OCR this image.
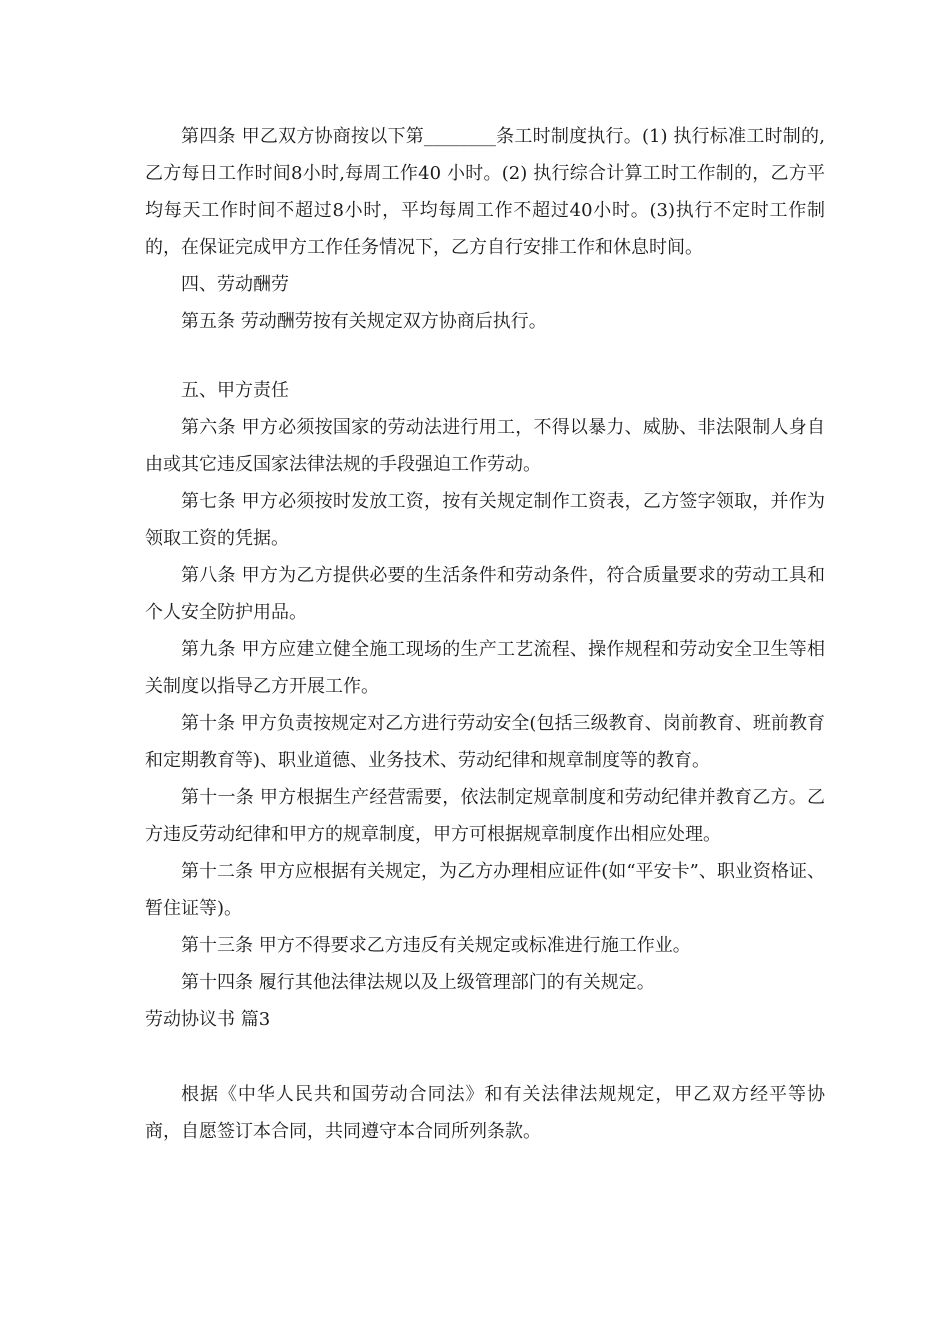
第四条 甲乙双方协商按以下第________条工时制度执行。(1) 执行标准工时制的,乙方每日工作时间8小时,每周工作40 小时。(2) 执行综合计算工时工作制的，乙方平均每天工作时间不超过8小时，平均每周工作不超过40小时。(3)执行不定时工作制的，在保证完成甲方工作任务情况下，乙方自行安排工作和休息时间。

四、劳动酬劳

第五条 劳动酬劳按有关规定双方协商后执行。

五、甲方责任

第六条 甲方必须按国家的劳动法进行用工，不得以暴力、威胁、非法限制人身自由或其它违反国家法律法规的手段强迫工作劳动。

第七条 甲方必须按时发放工资，按有关规定制作工资表，乙方签字领取，并作为领取工资的凭据。

第八条 甲方为乙方提供必要的生活条件和劳动条件，符合质量要求的劳动工具和个人安全防护用品。

第九条 甲方应建立健全施工现场的生产工艺流程、操作规程和劳动安全卫生等相关制度以指导乙方开展工作。

第十条 甲方负责按规定对乙方进行劳动安全(包括三级教育、岗前教育、班前教育和定期教育等)、职业道德、业务技术、劳动纪律和规章制度等的教育。

第十一条 甲方根据生产经营需要，依法制定规章制度和劳动纪律并教育乙方。乙方违反劳动纪律和甲方的规章制度，甲方可根据规章制度作出相应处理。

第十二条 甲方应根据有关规定，为乙方办理相应证件(如“平安卡”、职业资格证、暂住证等)。

第十三条 甲方不得要求乙方违反有关规定或标准进行施工作业。

第十四条 履行其他法律法规以及上级管理部门的有关规定。

劳动协议书 篇3

根据《中华人民共和国劳动合同法》和有关法律法规规定，甲乙双方经平等协商，自愿签订本合同，共同遵守本合同所列条款。
